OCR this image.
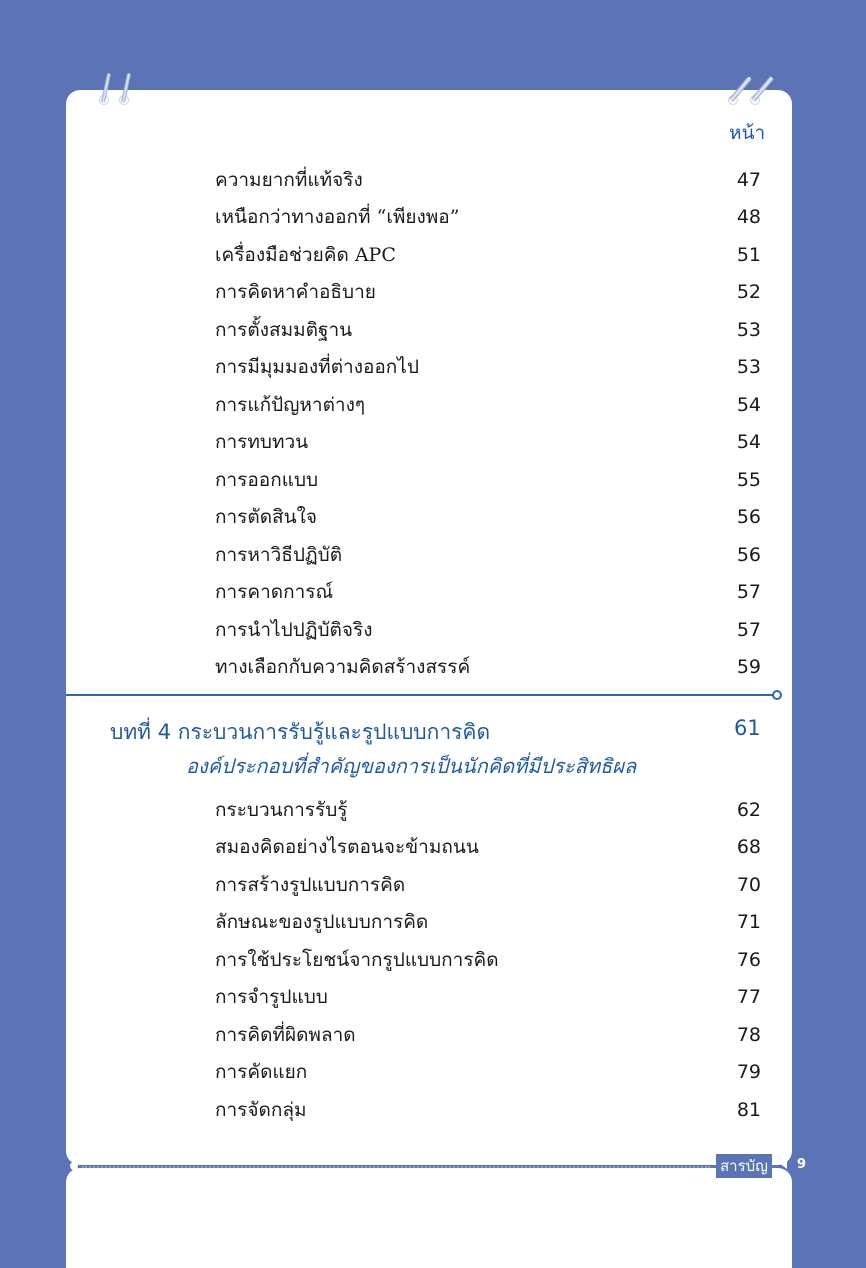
หน้า
ความยากที่แท้จริง	47
เหนือกว่าทางออกที่ “เพียงพอ”	48
เครื่องมือช่วยคิด APC	51
การคิดหาคำอธิบาย	52
การตั้งสมมติฐาน	53
การมีมุมมองที่ต่างออกไป	53
การแก้ปัญหาต่างๆ	54
การทบทวน	54
การออกแบบ	55
การตัดสินใจ	56
การหาวิธีปฏิบัติ	56
การคาดการณ์	57
การนำไปปฏิบัติจริง	57
ทางเลือกกับความคิดสร้างสรรค์	59
บทที่ 4 กระบวนการรับรู้และรูปแบบการคิด	61
องค์ประกอบที่สำคัญของการเป็นนักคิดที่มีประสิทธิผล
กระบวนการรับรู้	62
สมองคิดอย่างไรตอนจะข้ามถนน	68
การสร้างรูปแบบการคิด	70
ลักษณะของรูปแบบการคิด	71
การใช้ประโยชน์จากรูปแบบการคิด	76
การจำรูปแบบ	77
การคิดที่ผิดพลาด	78
การคัดแยก	79
การจัดกลุ่ม	81
สารบัญ	9
